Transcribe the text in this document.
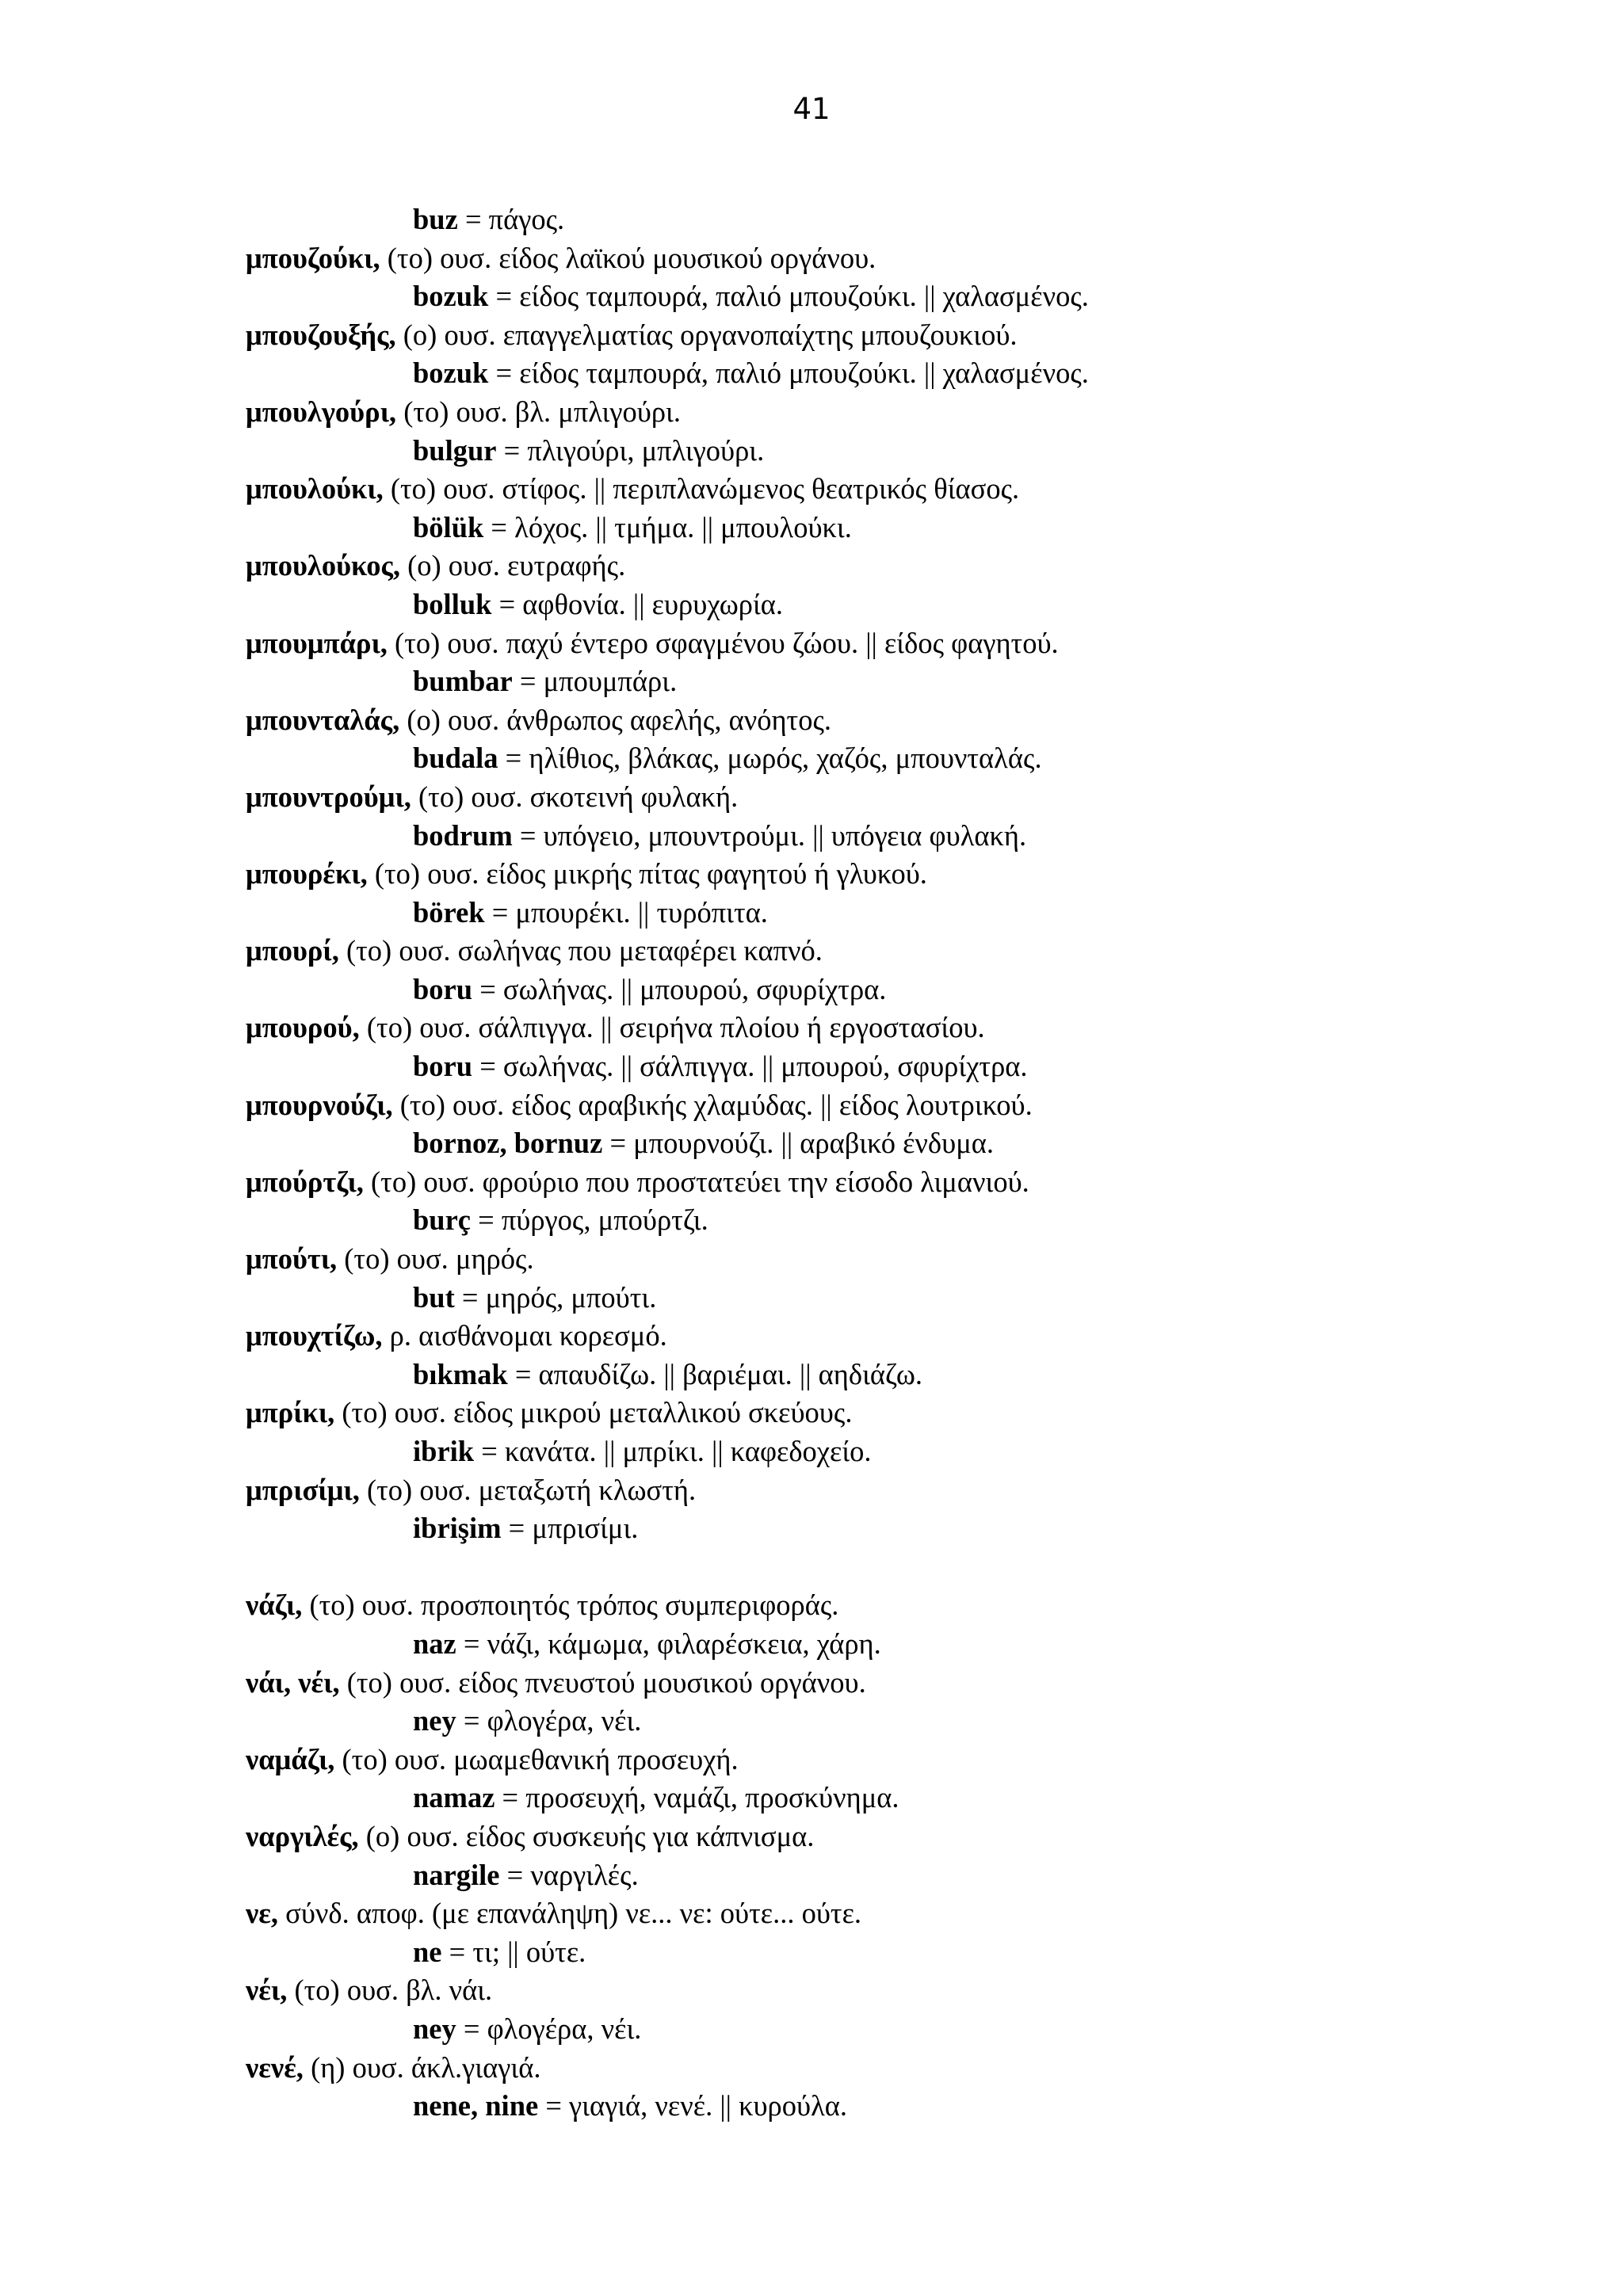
41
buz = πάγος.
μπουζούκι, (το) ουσ. είδος λαϊκού μουσικού οργάνου.
bozuk = είδος ταμπουρά, παλιό μπουζούκι. || χαλασμένος.
μπουζουξής, (ο) ουσ. επαγγελματίας οργανοπαίχτης μπουζουκιού.
bozuk = είδος ταμπουρά, παλιό μπουζούκι. || χαλασμένος.
μπουλγούρι, (το) ουσ. βλ. μπλιγούρι.
bulgur = πλιγούρι, μπλιγούρι.
μπουλούκι, (το) ουσ. στίφος. || περιπλανώμενος θεατρικός θίασος.
bölük = λόχος. || τμήμα. || μπουλούκι.
μπουλούκος, (ο) ουσ. ευτραφής.
bolluk = αφθονία. || ευρυχωρία.
μπουμπάρι, (το) ουσ. παχύ έντερο σφαγμένου ζώου. || είδος φαγητού.
bumbar = μπουμπάρι.
μπουνταλάς, (ο) ουσ. άνθρωπος αφελής, ανόητος.
budala = ηλίθιος, βλάκας, μωρός, χαζός, μπουνταλάς.
μπουντρούμι, (το) ουσ. σκοτεινή φυλακή.
bodrum = υπόγειο, μπουντρούμι. || υπόγεια φυλακή.
μπουρέκι, (το) ουσ. είδος μικρής πίτας φαγητού ή γλυκού.
börek = μπουρέκι. || τυρόπιτα.
μπουρί, (το) ουσ. σωλήνας που μεταφέρει καπνό.
boru = σωλήνας. || μπουρού, σφυρίχτρα.
μπουρού, (το) ουσ. σάλπιγγα. || σειρήνα πλοίου ή εργοστασίου.
boru = σωλήνας. || σάλπιγγα. || μπουρού, σφυρίχτρα.
μπουρνούζι, (το) ουσ. είδος αραβικής χλαμύδας. || είδος λουτρικού.
bornoz, bornuz = μπουρνούζι. || αραβικό ένδυμα.
μπούρτζι, (το) ουσ. φρούριο που προστατεύει την είσοδο λιμανιού.
burç = πύργος, μπούρτζι.
μπούτι, (το) ουσ. μηρός.
but = μηρός, μπούτι.
μπουχτίζω, ρ. αισθάνομαι κορεσμό.
bıkmak = απαυδίζω. || βαριέμαι. || αηδιάζω.
μπρίκι, (το) ουσ. είδος μικρού μεταλλικού σκεύους.
ibrik = κανάτα. || μπρίκι. || καφεδοχείο.
μπρισίμι, (το) ουσ. μεταξωτή κλωστή.
ibrişim = μπρισίμι.
νάζι, (το) ουσ. προσποιητός τρόπος συμπεριφοράς.
naz = νάζι, κάμωμα, φιλαρέσκεια, χάρη.
νάι, νέι, (το) ουσ. είδος πνευστού μουσικού οργάνου.
ney = φλογέρα, νέι.
ναμάζι, (το) ουσ. μωαμεθανική προσευχή.
namaz = προσευχή, ναμάζι, προσκύνημα.
ναργιλές, (ο) ουσ. είδος συσκευής για κάπνισμα.
nargile = ναργιλές.
νε, σύνδ. αποφ. (με επανάληψη) νε... νε: ούτε... ούτε.
ne = τι; || ούτε.
νέι, (το) ουσ. βλ. νάι.
ney = φλογέρα, νέι.
νενέ, (η) ουσ. άκλ.γιαγιά.
nene, nine = γιαγιά, νενέ. || κυρούλα.
